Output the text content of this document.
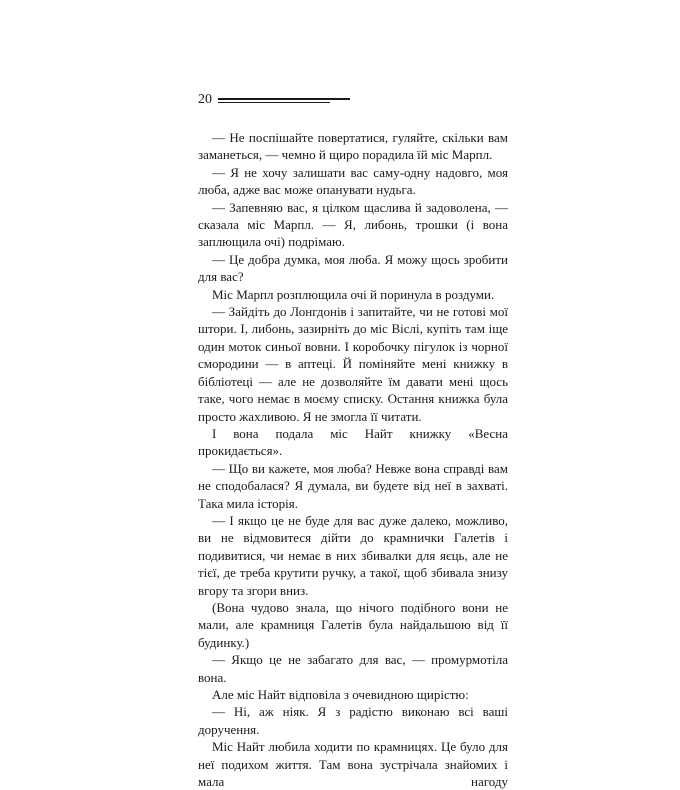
20

— Не поспішайте повертатися, гуляйте, скільки вам заманеться, — чемно й щиро порадила їй міс Марпл.

— Я не хочу залишати вас саму-одну надовго, моя люба, адже вас може опанувати нудьга.

— Запевняю вас, я цілком щаслива й задоволена, — сказала міс Марпл. — Я, либонь, трошки (і вона заплющила очі) подрімаю.

— Це добра думка, моя люба. Я можу щось зробити для вас?

Міс Марпл розплющила очі й поринула в роздуми.

— Зайдіть до Лонгдонів і запитайте, чи не готові мої штори. І, либонь, зазирніть до міс Віслі, купіть там іще один моток синьої вовни. І коробочку пігулок із чорної смородини — в аптеці. Й поміняйте мені книжку в бібліотеці — але не дозволяйте їм давати мені щось таке, чого немає в моєму списку. Остання книжка була просто жахливою. Я не змогла її читати.

І вона подала міс Найт книжку «Весна прокидається».

— Що ви кажете, моя люба? Невже вона справді вам не сподобалася? Я думала, ви будете від неї в захваті. Така мила історія.

— І якщо це не буде для вас дуже далеко, можливо, ви не відмовитеся дійти до крамнички Галетів і подивитися, чи немає в них збивалки для яєць, але не тієї, де треба крутити ручку, а такої, щоб збивала знизу вгору та згори вниз.

(Вона чудово знала, що нічого подібного вони не мали, але крамниця Галетів була найдальшою від її будинку.)

— Якщо це не забагато для вас, — промурмотіла вона.

Але міс Найт відповіла з очевидною щирістю:

— Ні, аж ніяк. Я з радістю виконаю всі ваші доручення.

Міс Найт любила ходити по крамницях. Це було для неї подихом життя. Там вона зустрічала знайомих і мала нагоду
